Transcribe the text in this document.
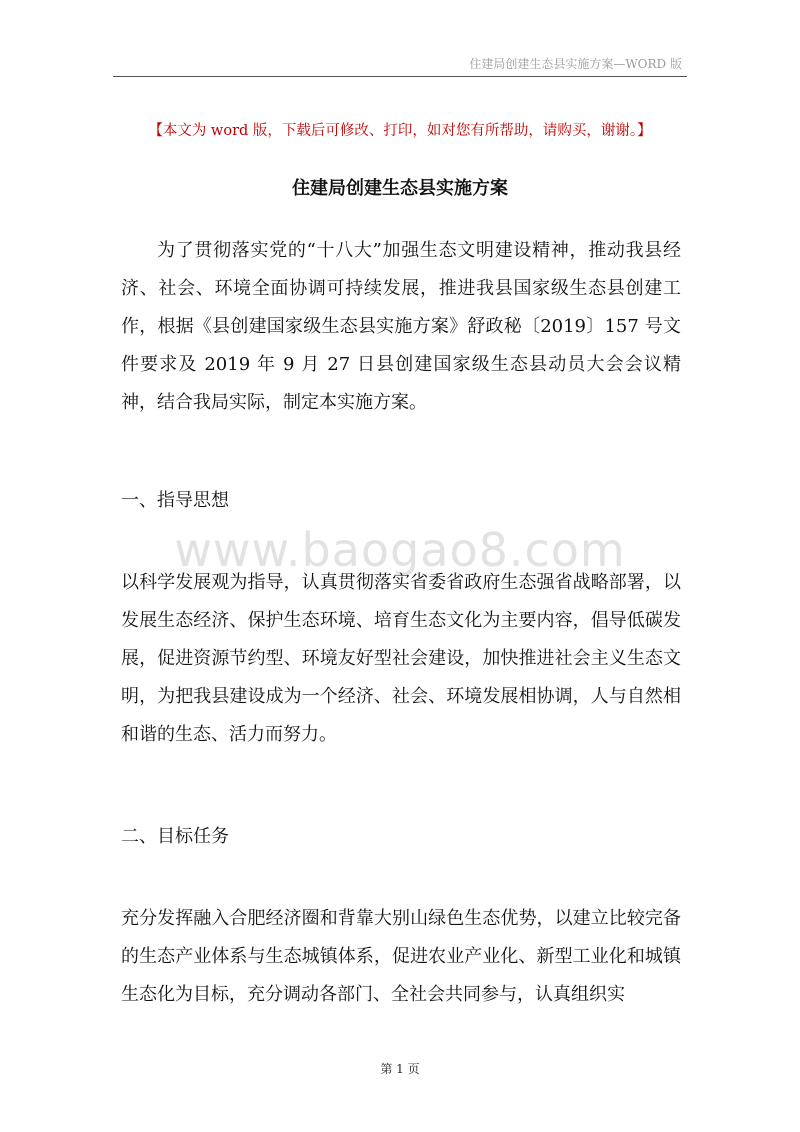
住建局创建生态县实施方案—WORD 版
【本文为 word 版，下载后可修改、打印，如对您有所帮助，请购买，谢谢。】
住建局创建生态县实施方案

为了贯彻落实党的“十八大”加强生态文明建设精神，推动我县经济、社会、环境全面协调可持续发展，推进我县国家级生态县创建工作，根据《县创建国家级生态县实施方案》舒政秘〔2019〕157 号文件要求及 2019 年 9 月 27 日县创建国家级生态县动员大会会议精神，结合我局实际，制定本实施方案。

一、指导思想

www.baogao8.com

以科学发展观为指导，认真贯彻落实省委省政府生态强省战略部署，以发展生态经济、保护生态环境、培育生态文化为主要内容，倡导低碳发展，促进资源节约型、环境友好型社会建设，加快推进社会主义生态文明，为把我县建设成为一个经济、社会、环境发展相协调，人与自然相和谐的生态、活力而努力。

二、目标任务

充分发挥融入合肥经济圈和背靠大别山绿色生态优势，以建立比较完备的生态产业体系与生态城镇体系，促进农业产业化、新型工业化和城镇生态化为目标，充分调动各部门、全社会共同参与，认真组织实

第 1 页
